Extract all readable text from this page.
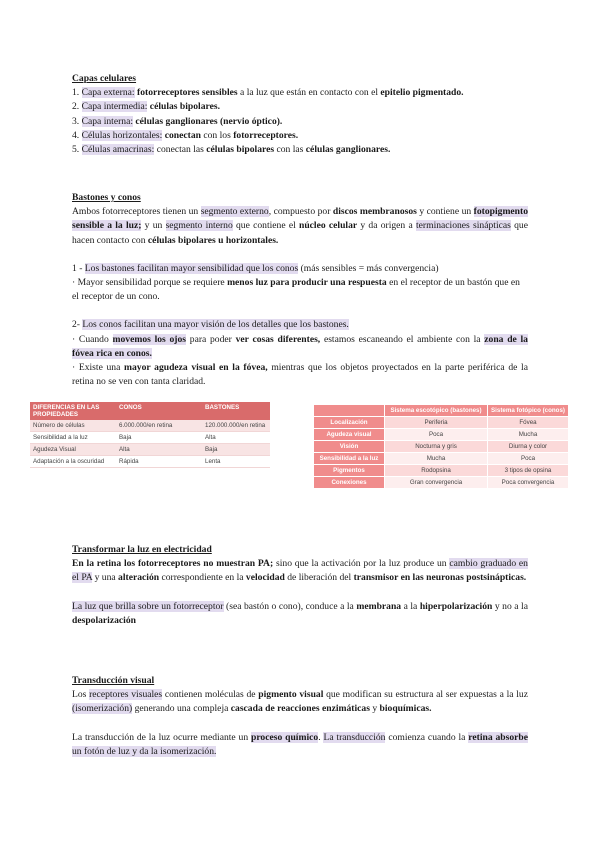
Capas celulares

1. Capa externa: fotorreceptores sensibles a la luz que están en contacto con el epitelio pigmentado.

2. Capa intermedia: células bipolares.

3. Capa interna: células ganglionares (nervio óptico).

4. Células horizontales: conectan con los fotorreceptores.

5. Células amacrinas: conectan las células bipolares con las células ganglionares.

Bastones y conos

Ambos fotorreceptores tienen un segmento externo, compuesto por discos membranosos y contiene un fotopigmento sensible a la luz; y un segmento interno que contiene el núcleo celular y da origen a terminaciones sinápticas que hacen contacto con células bipolares u horizontales.

1 - Los bastones facilitan mayor sensibilidad que los conos (más sensibles = más convergencia)
· Mayor sensibilidad porque se requiere menos luz para producir una respuesta en el receptor de un bastón que en el receptor de un cono.

2- Los conos facilitan una mayor visión de los detalles que los bastones.
· Cuando movemos los ojos para poder ver cosas diferentes, estamos escaneando el ambiente con la zona de la fóvea rica en conos.
· Existe una mayor agudeza visual en la fóvea, mientras que los objetos proyectados en la parte periférica de la retina no se ven con tanta claridad.

DIFERENCIAS EN LAS PROPIEDADES	CONOS	BASTONES
Número de células	6.000.000/en retina	120.000.000/en retina
Sensibilidad a la luz	Baja	Alta
Agudeza Visual	Alta	Baja
Adaptación a la oscuridad	Rápida	Lenta
	Sistema escotópico (bastones)	Sistema fotópico (conos)
Localización	Periferia	Fóvea
Agudeza visual	Poca	Mucha
Visión	Nocturna y gris	Diurna y color
Sensibilidad a la luz	Mucha	Poca
Pigmentos	Rodopsina	3 tipos de opsina
Conexiones	Gran convergencia	Poca convergencia

Transformar la luz en electricidad

En la retina los fotorreceptores no muestran PA; sino que la activación por la luz produce un cambio graduado en el PA y una alteración correspondiente en la velocidad de liberación del transmisor en las neuronas postsinápticas.

La luz que brilla sobre un fotorreceptor (sea bastón o cono), conduce a la membrana a la hiperpolarización y no a la despolarización

Transducción visual

Los receptores visuales contienen moléculas de pigmento visual que modifican su estructura al ser expuestas a la luz (isomerización) generando una compleja cascada de reacciones enzimáticas y bioquímicas.

La transducción de la luz ocurre mediante un proceso químico. La transducción comienza cuando la retina absorbe un fotón de luz y da la isomerización.
